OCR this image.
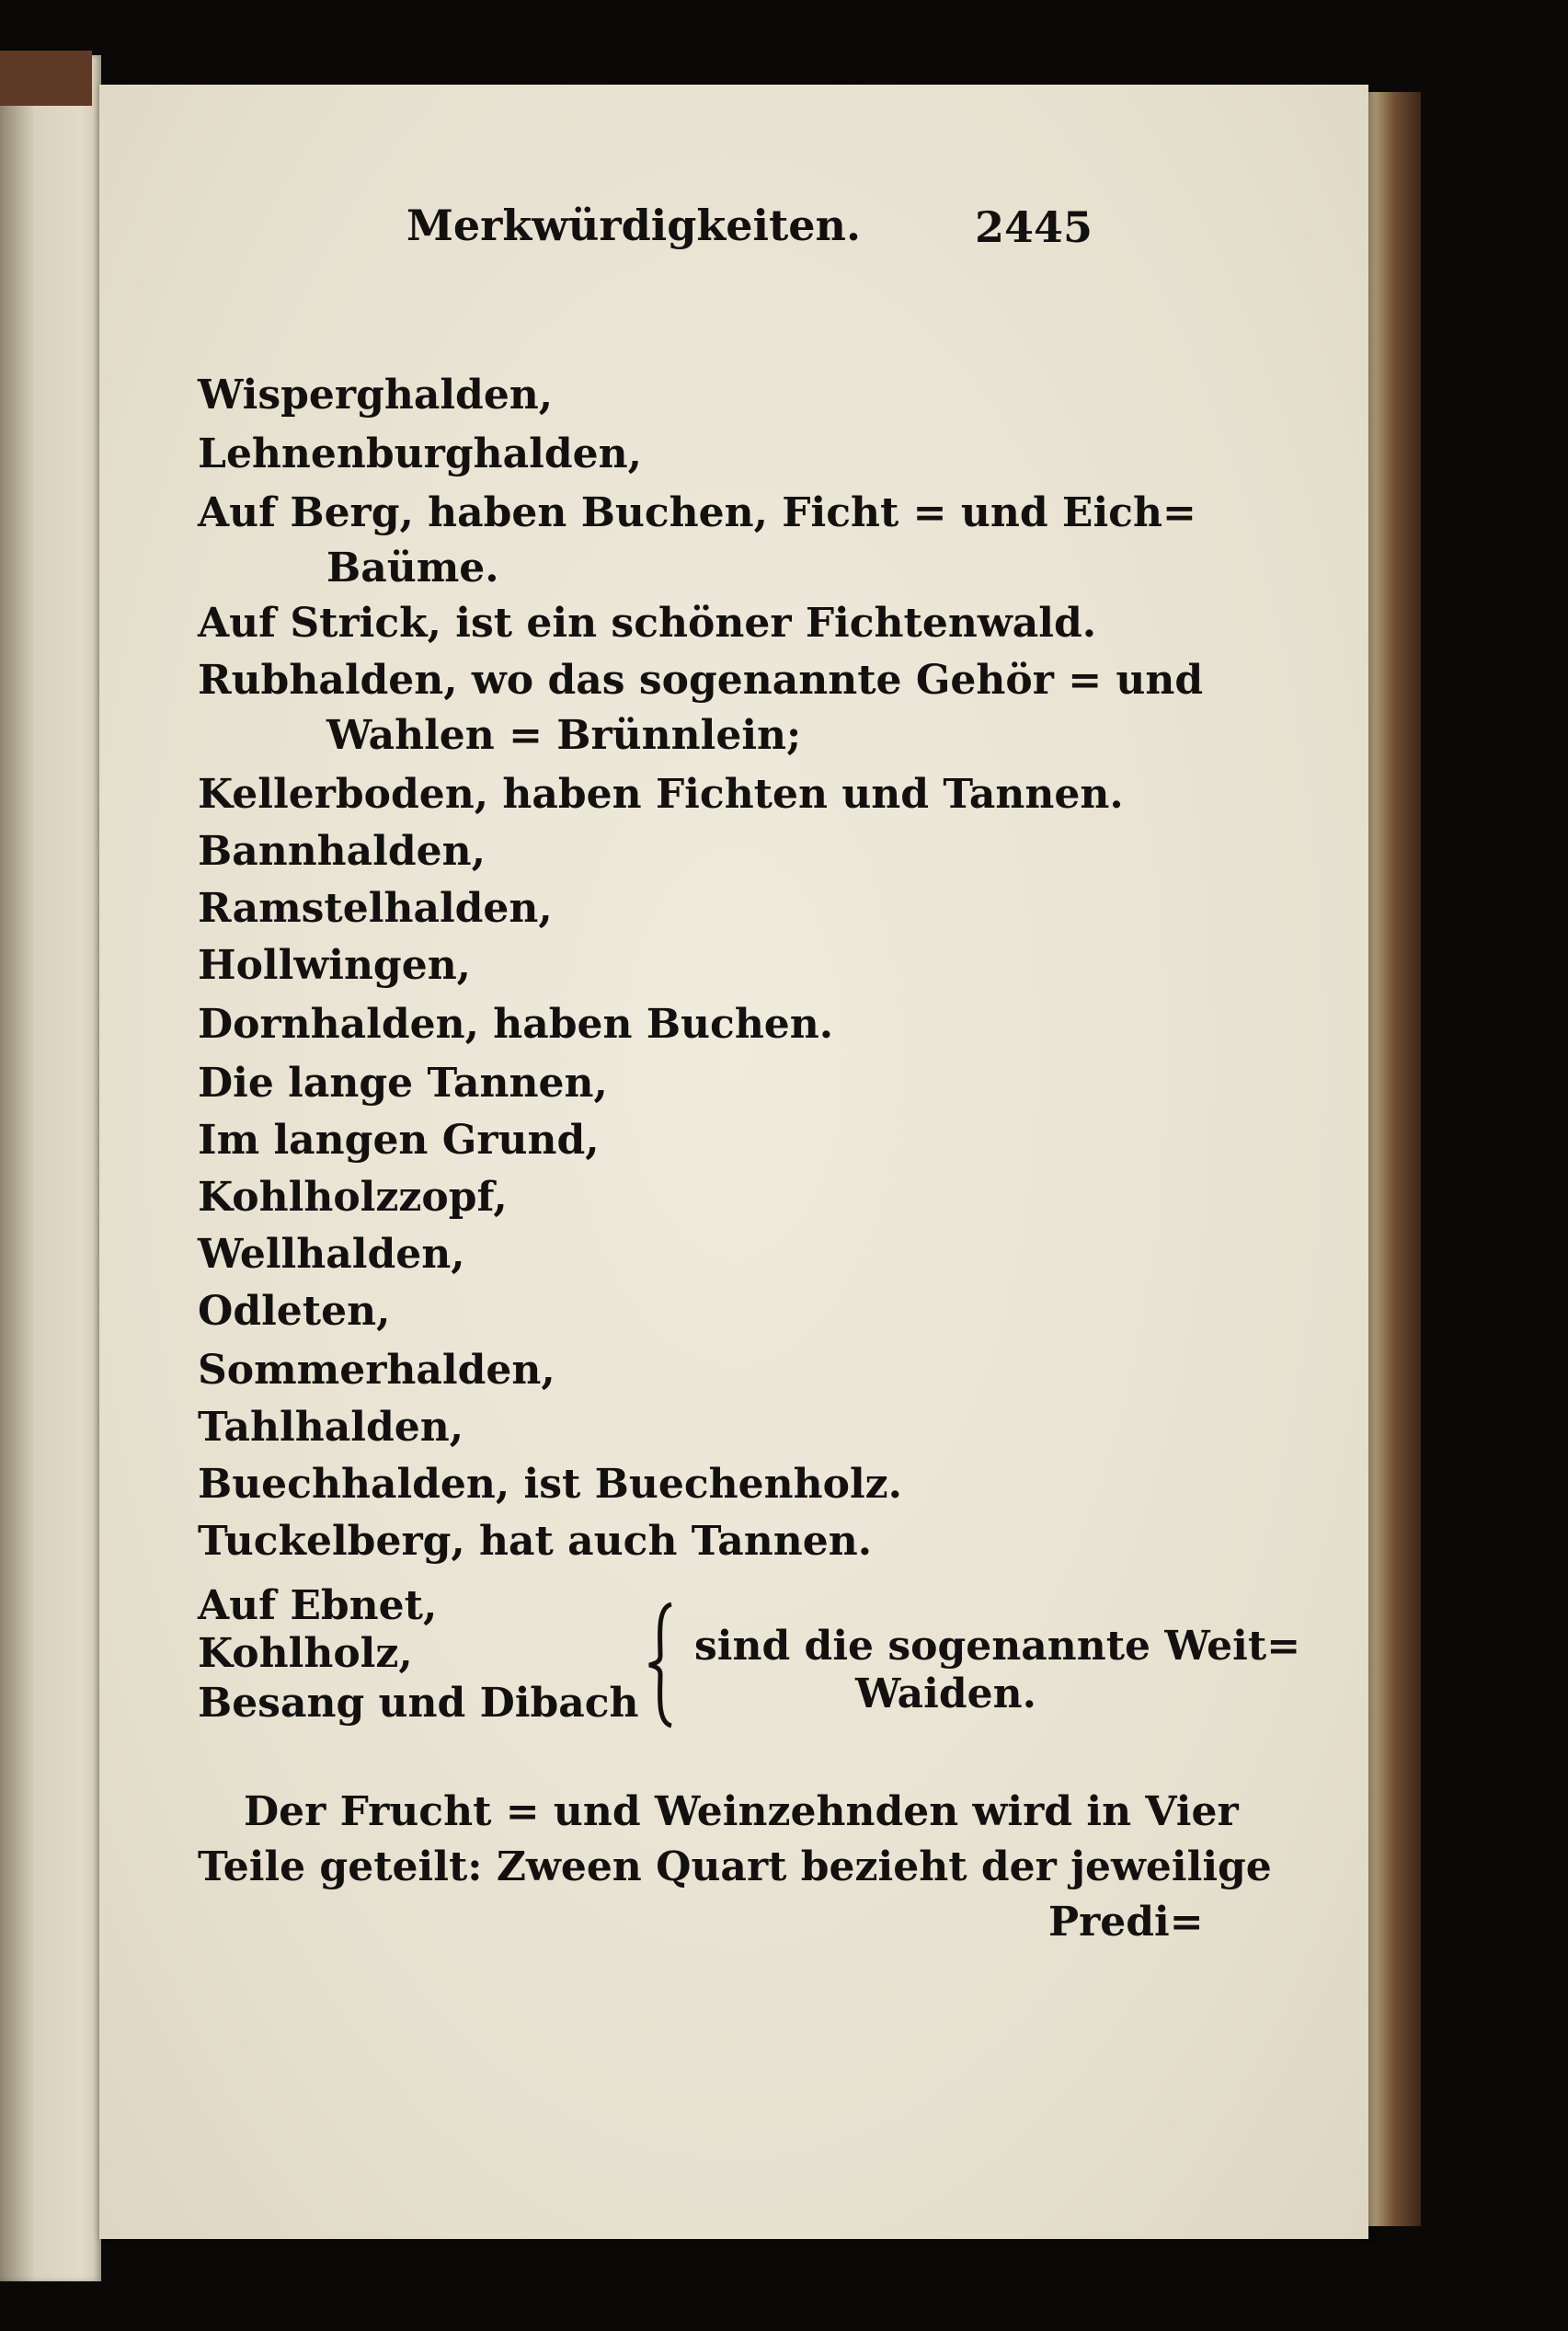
Merkwürdigkeiten.	2445
Wisperghalden,
Lehnenburghalden,
Auf Berg, haben Buchen, Ficht = und Eich=
Baüme.
Auf Strick, ist ein schöner Fichtenwald.
Rubhalden, wo das sogenannte Gehör = und
Wahlen = Brünnlein;
Kellerboden, haben Fichten und Tannen.
Bannhalden,
Ramstelhalden,
Hollwingen,
Dornhalden, haben Buchen.
Die lange Tannen,
Im langen Grund,
Kohlholzzopf,
Wellhalden,
Odleten,
Sommerhalden,
Tahlhalden,
Buechhalden, ist Buechenholz.
Tuckelberg, hat auch Tannen.
Auf Ebnet,
Kohlholz,
Besang und Dibach
sind die sogenannte Weit=
Waiden.
Der Frucht = und Weinzehnden wird in Vier
Teile geteilt: Zween Quart bezieht der jeweilige
Predi=
